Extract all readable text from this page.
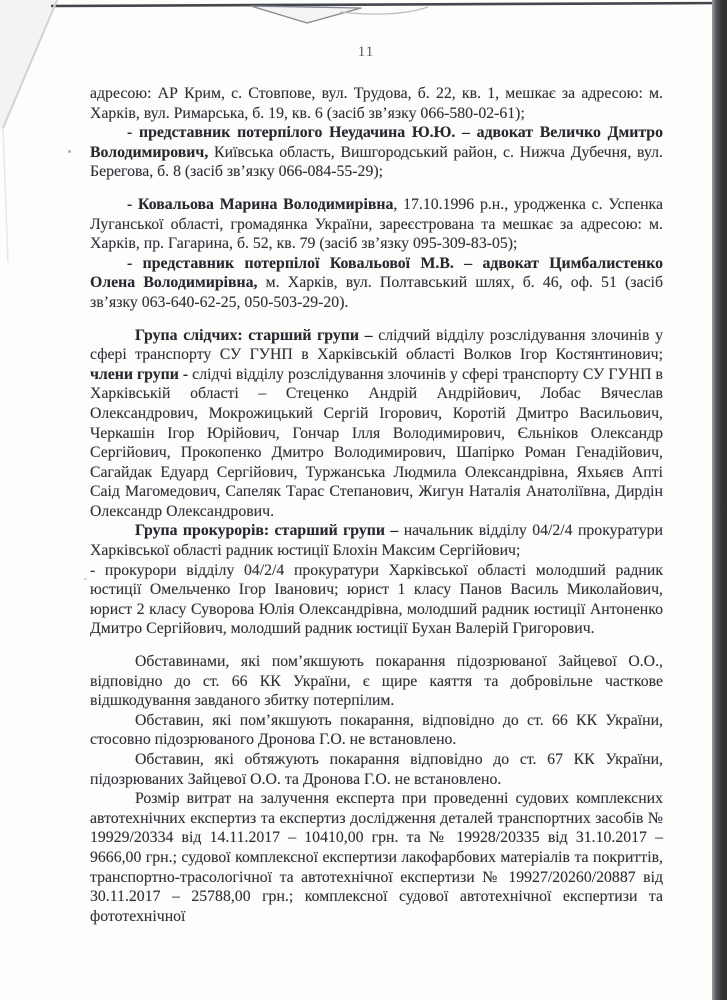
11

адресою: АР Крим, с. Стовпове, вул. Трудова, б. 22, кв. 1, мешкає за адресою: м. Харків, вул. Римарська, б. 19, кв. 6 (засіб зв’язку 066-580-02-61);

- представник потерпілого Неудачина Ю.Ю. – адвокат Величко Дмитро Володимирович, Київська область, Вишгородський район, с. Нижча Дубечня, вул. Берегова, б. 8 (засіб зв’язку 066-084-55-29);

- Ковальова Марина Володимирівна, 17.10.1996 р.н., уродженка с. Успенка Луганської області, громадянка України, зареєстрована та мешкає за адресою: м. Харків, пр. Гагарина, б. 52, кв. 79 (засіб зв’язку 095-309-83-05);

- представник потерпілої Ковальової М.В. – адвокат Цимбалистенко Олена Володимирівна, м. Харків, вул. Полтавський шлях, б. 46, оф. 51 (засіб зв’язку 063-640-62-25, 050-503-29-20).

Група слідчих: старший групи – слідчий відділу розслідування злочинів у сфері транспорту СУ ГУНП в Харківській області Волков Ігор Костянтинович; члени групи - слідчі відділу розслідування злочинів у сфері транспорту СУ ГУНП в Харківській області – Стеценко Андрій Андрійович, Лобас Вячеслав Олександрович, Мокрожицький Сергій Ігорович, Коротій Дмитро Васильович, Черкашін Ігор Юрійович, Гончар Ілля Володимирович, Єльніков Олександр Сергійович, Прокопенко Дмитро Володимирович, Шапірко Роман Генадійович, Сагайдак Едуард Сергійович, Туржанська Людмила Олександрівна, Яхьяєв Апті Саід Магомедович, Сапеляк Тарас Степанович, Жигун Наталія Анатоліївна, Дирдін Олександр Олександрович.

Група прокурорів: старший групи – начальник відділу 04/2/4 прокуратури Харківської області радник юстиції Блохін Максим Сергійович;

- прокурори відділу 04/2/4 прокуратури Харківської області молодший радник юстиції Омельченко Ігор Іванович; юрист 1 класу Панов Василь Миколайович, юрист 2 класу Суворова Юлія Олександрівна, молодший радник юстиції Антоненко Дмитро Сергійович, молодший радник юстиції Бухан Валерій Григорович.

Обставинами, які пом’якшують покарання підозрюваної Зайцевої О.О., відповідно до ст. 66 КК України, є щире каяття та добровільне часткове відшкодування завданого збитку потерпілим.

Обставин, які пом’якшують покарання, відповідно до ст. 66 КК України, стосовно підозрюваного Дронова Г.О. не встановлено.

Обставин, які обтяжують покарання відповідно до ст. 67 КК України, підозрюваних Зайцевої О.О. та Дронова Г.О. не встановлено.

Розмір витрат на залучення експерта при проведенні судових комплексних автотехнічних експертиз та експертиз дослідження деталей транспортних засобів № 19929/20334 від 14.11.2017 – 10410,00 грн. та № 19928/20335 від 31.10.2017 – 9666,00 грн.; судової комплексної експертизи лакофарбових матеріалів та покриттів, транспортно-трасологічної та автотехнічної експертизи № 19927/20260/20887 від 30.11.2017 – 25788,00 грн.; комплексної судової автотехнічної експертизи та фототехнічної
